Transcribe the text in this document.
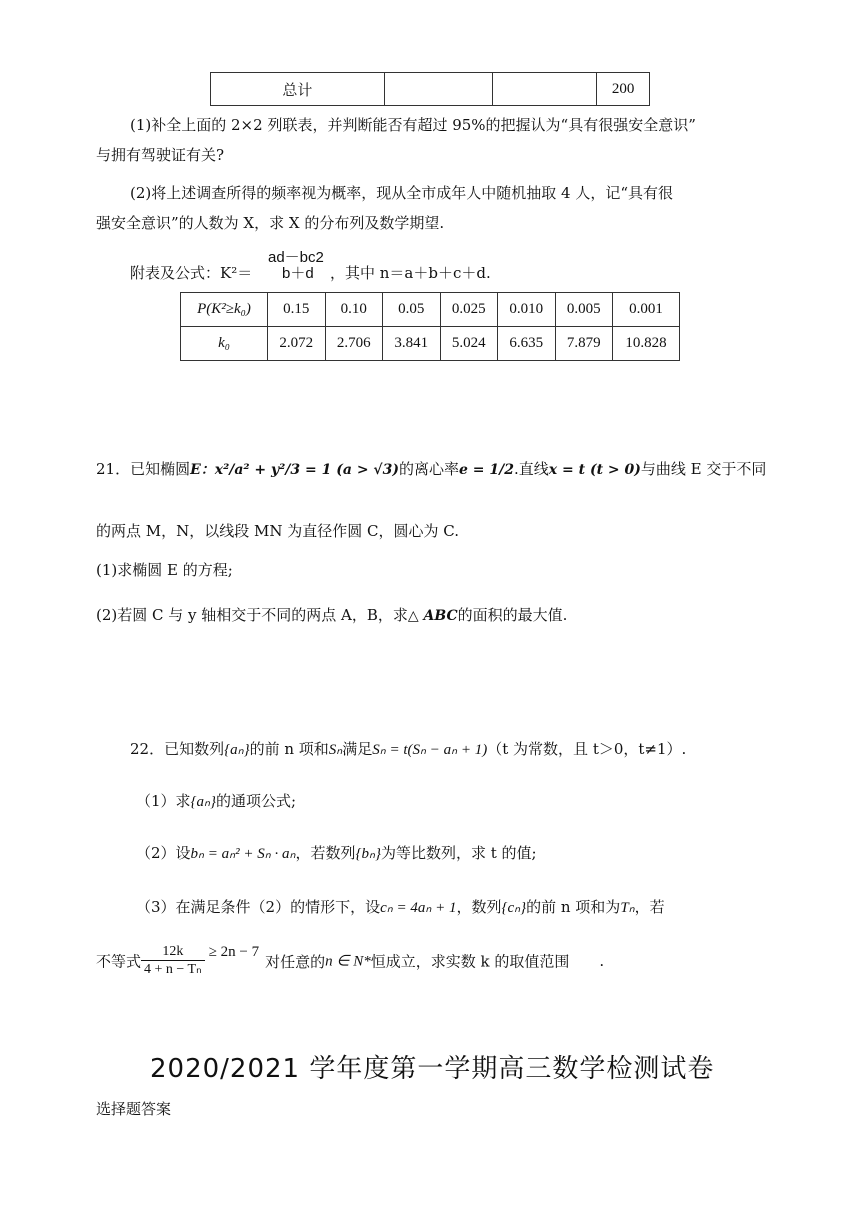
总计			200
(1)补全上面的 2×2 列联表，并判断能否有超过 95%的把握认为“具有很强安全意识”
与拥有驾驶证有关?
(2)将上述调查所得的频率视为概率，现从全市成年人中随机抽取 4 人，记“具有很
强安全意识”的人数为 X，求 X 的分布列及数学期望.
附表及公式：K²＝
ad－bc2
b＋d ，其中 n＝a＋b＋c＋d.
P(K²≥k₀)	0.15	0.10	0.05	0.025	0.010	0.005	0.001
k₀	2.072	2.706	3.841	5.024	6.635	7.879	10.828
21．已知椭圆E：x²/a² + y²/3 = 1 (a > √3)的离心率e = 1/2.直线x = t (t > 0)与曲线 E 交于不同
的两点 M，N，以线段 MN 为直径作圆 C，圆心为 C.
(1)求椭圆 E 的方程;
(2)若圆 C 与 y 轴相交于不同的两点 A，B，求△ ABC的面积的最大值.
22．已知数列{aₙ}的前 n 项和Sₙ满足Sₙ = t(Sₙ − aₙ + 1)（t 为常数，且 t＞0，t≠1）.
（1）求{aₙ}的通项公式;
（2）设bₙ = aₙ² + Sₙ · aₙ，若数列{bₙ}为等比数列，求 t 的值;
（3）在满足条件（2）的情形下，设cₙ = 4aₙ + 1，数列{cₙ}的前 n 项和为Tₙ，若
不等式 $\frac{12k}{\text{4 + n − Tₙ}} \ge 2n - 7$对任意的n ∈ N*恒成立，求实数 k 的取值范围 .
2020/2021 学年度第一学期高三数学检测试卷
选择题答案
